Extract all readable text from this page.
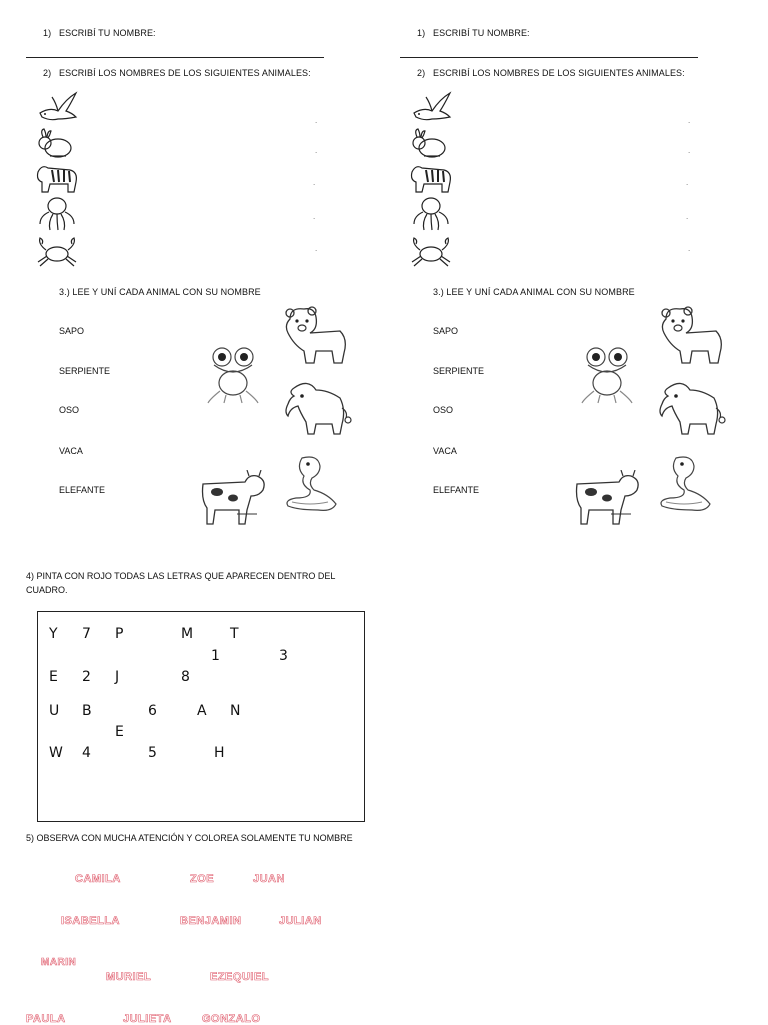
1) ESCRIBÍ TU NOMBRE:
2) ESCRIBÍ LOS NOMBRES DE LOS SIGUIENTES ANIMALES:
.
.
.
.
.
3.) LEE Y UNÍ CADA ANIMAL CON SU NOMBRE
SAPO
SERPIENTE
OSO
VACA
ELEFANTE
1) ESCRIBÍ TU NOMBRE:
2) ESCRIBÍ LOS NOMBRES DE LOS SIGUIENTES ANIMALES:
.
.
.
.
.
3.) LEE Y UNÍ CADA ANIMAL CON SU NOMBRE
SAPO
SERPIENTE
OSO
VACA
ELEFANTE
4) PINTA CON ROJO TODAS LAS LETRAS QUE APARECEN DENTRO DEL
CUADRO.
Y 7 P	M	T
1	3
E 2 J	8
U B	6	A N
E
W 4	5	H
5) OBSERVA CON MUCHA ATENCIÓN Y COLOREA SOLAMENTE TU NOMBRE
CAMILA	ZOE	JUAN
ISABELLA	BENJAMIN	JULIAN
MARIN
MURIEL	EZEQUIEL
PAULA	JULIETA	GONZALO
